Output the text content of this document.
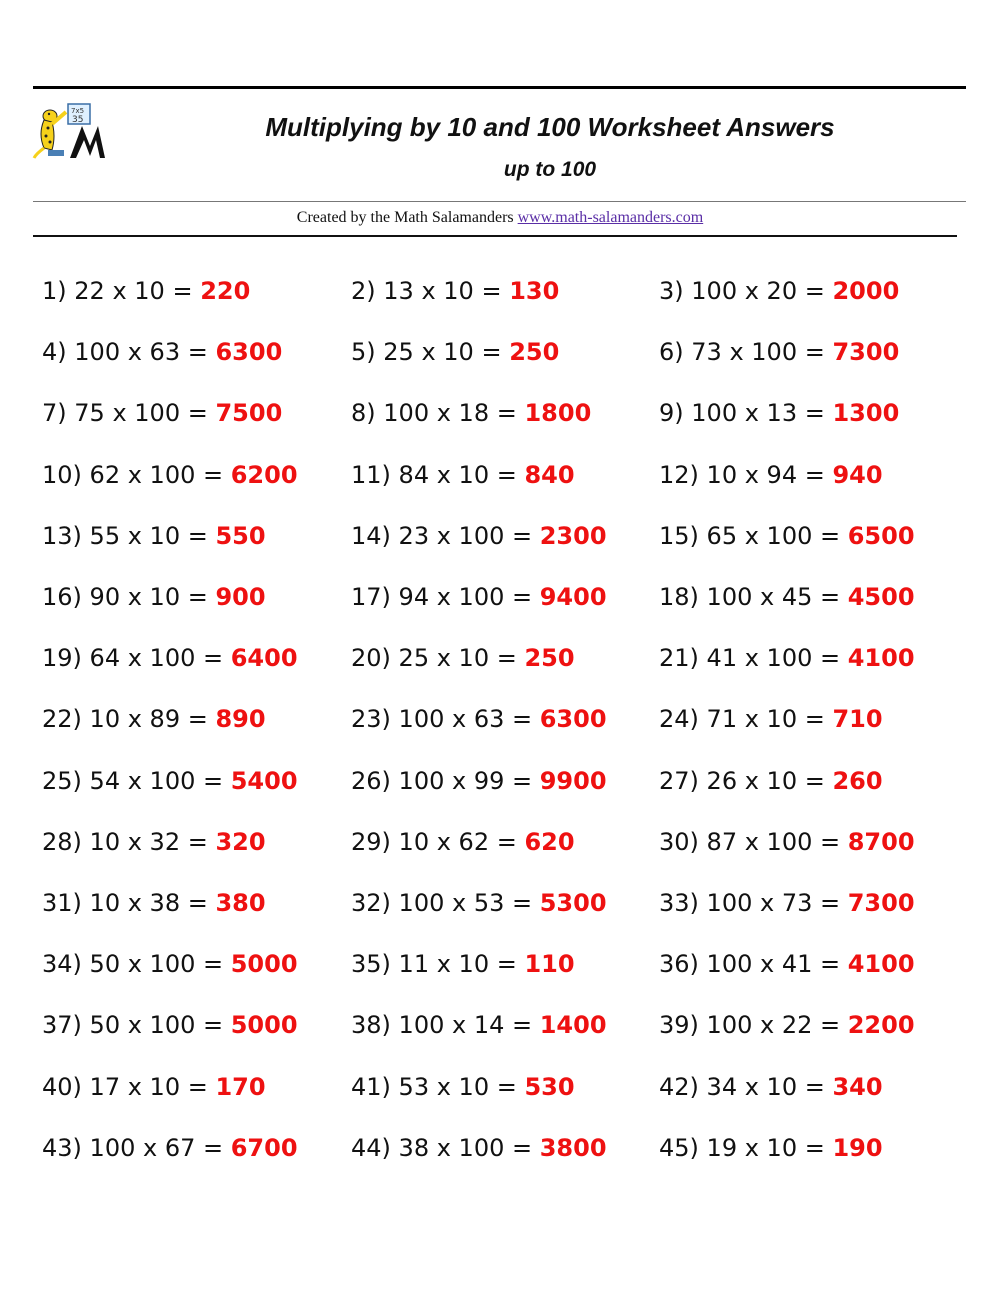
7x5
35	Multiplying by 10 and 100 Worksheet Answers
up to 100
Created by the Math Salamanders www.math-salamanders.com
1) 22 x 10 = 220	2) 13 x 10 = 130	3) 100 x 20 = 2000
4) 100 x 63 = 6300	5) 25 x 10 = 250	6) 73 x 100 = 7300
7) 75 x 100 = 7500	8) 100 x 18 = 1800	9) 100 x 13 = 1300
10) 62 x 100 = 6200 11) 84 x 10 = 840	12) 10 x 94 = 940
13) 55 x 10 = 550	14) 23 x 100 = 2300 15) 65 x 100 = 6500
16) 90 x 10 = 900	17) 94 x 100 = 9400 18) 100 x 45 = 4500
19) 64 x 100 = 6400 20) 25 x 10 = 250	21) 41 x 100 = 4100
22) 10 x 89 = 890	23) 100 x 63 = 6300 24) 71 x 10 = 710
25) 54 x 100 = 5400 26) 100 x 99 = 9900 27) 26 x 10 = 260
28) 10 x 32 = 320	29) 10 x 62 = 620	30) 87 x 100 = 8700
31) 10 x 38 = 380	32) 100 x 53 = 5300 33) 100 x 73 = 7300
34) 50 x 100 = 5000 35) 11 x 10 = 110	36) 100 x 41 = 4100
37) 50 x 100 = 5000 38) 100 x 14 = 1400 39) 100 x 22 = 2200
40) 17 x 10 = 170	41) 53 x 10 = 530	42) 34 x 10 = 340
43) 100 x 67 = 6700 44) 38 x 100 = 3800 45) 19 x 10 = 190
